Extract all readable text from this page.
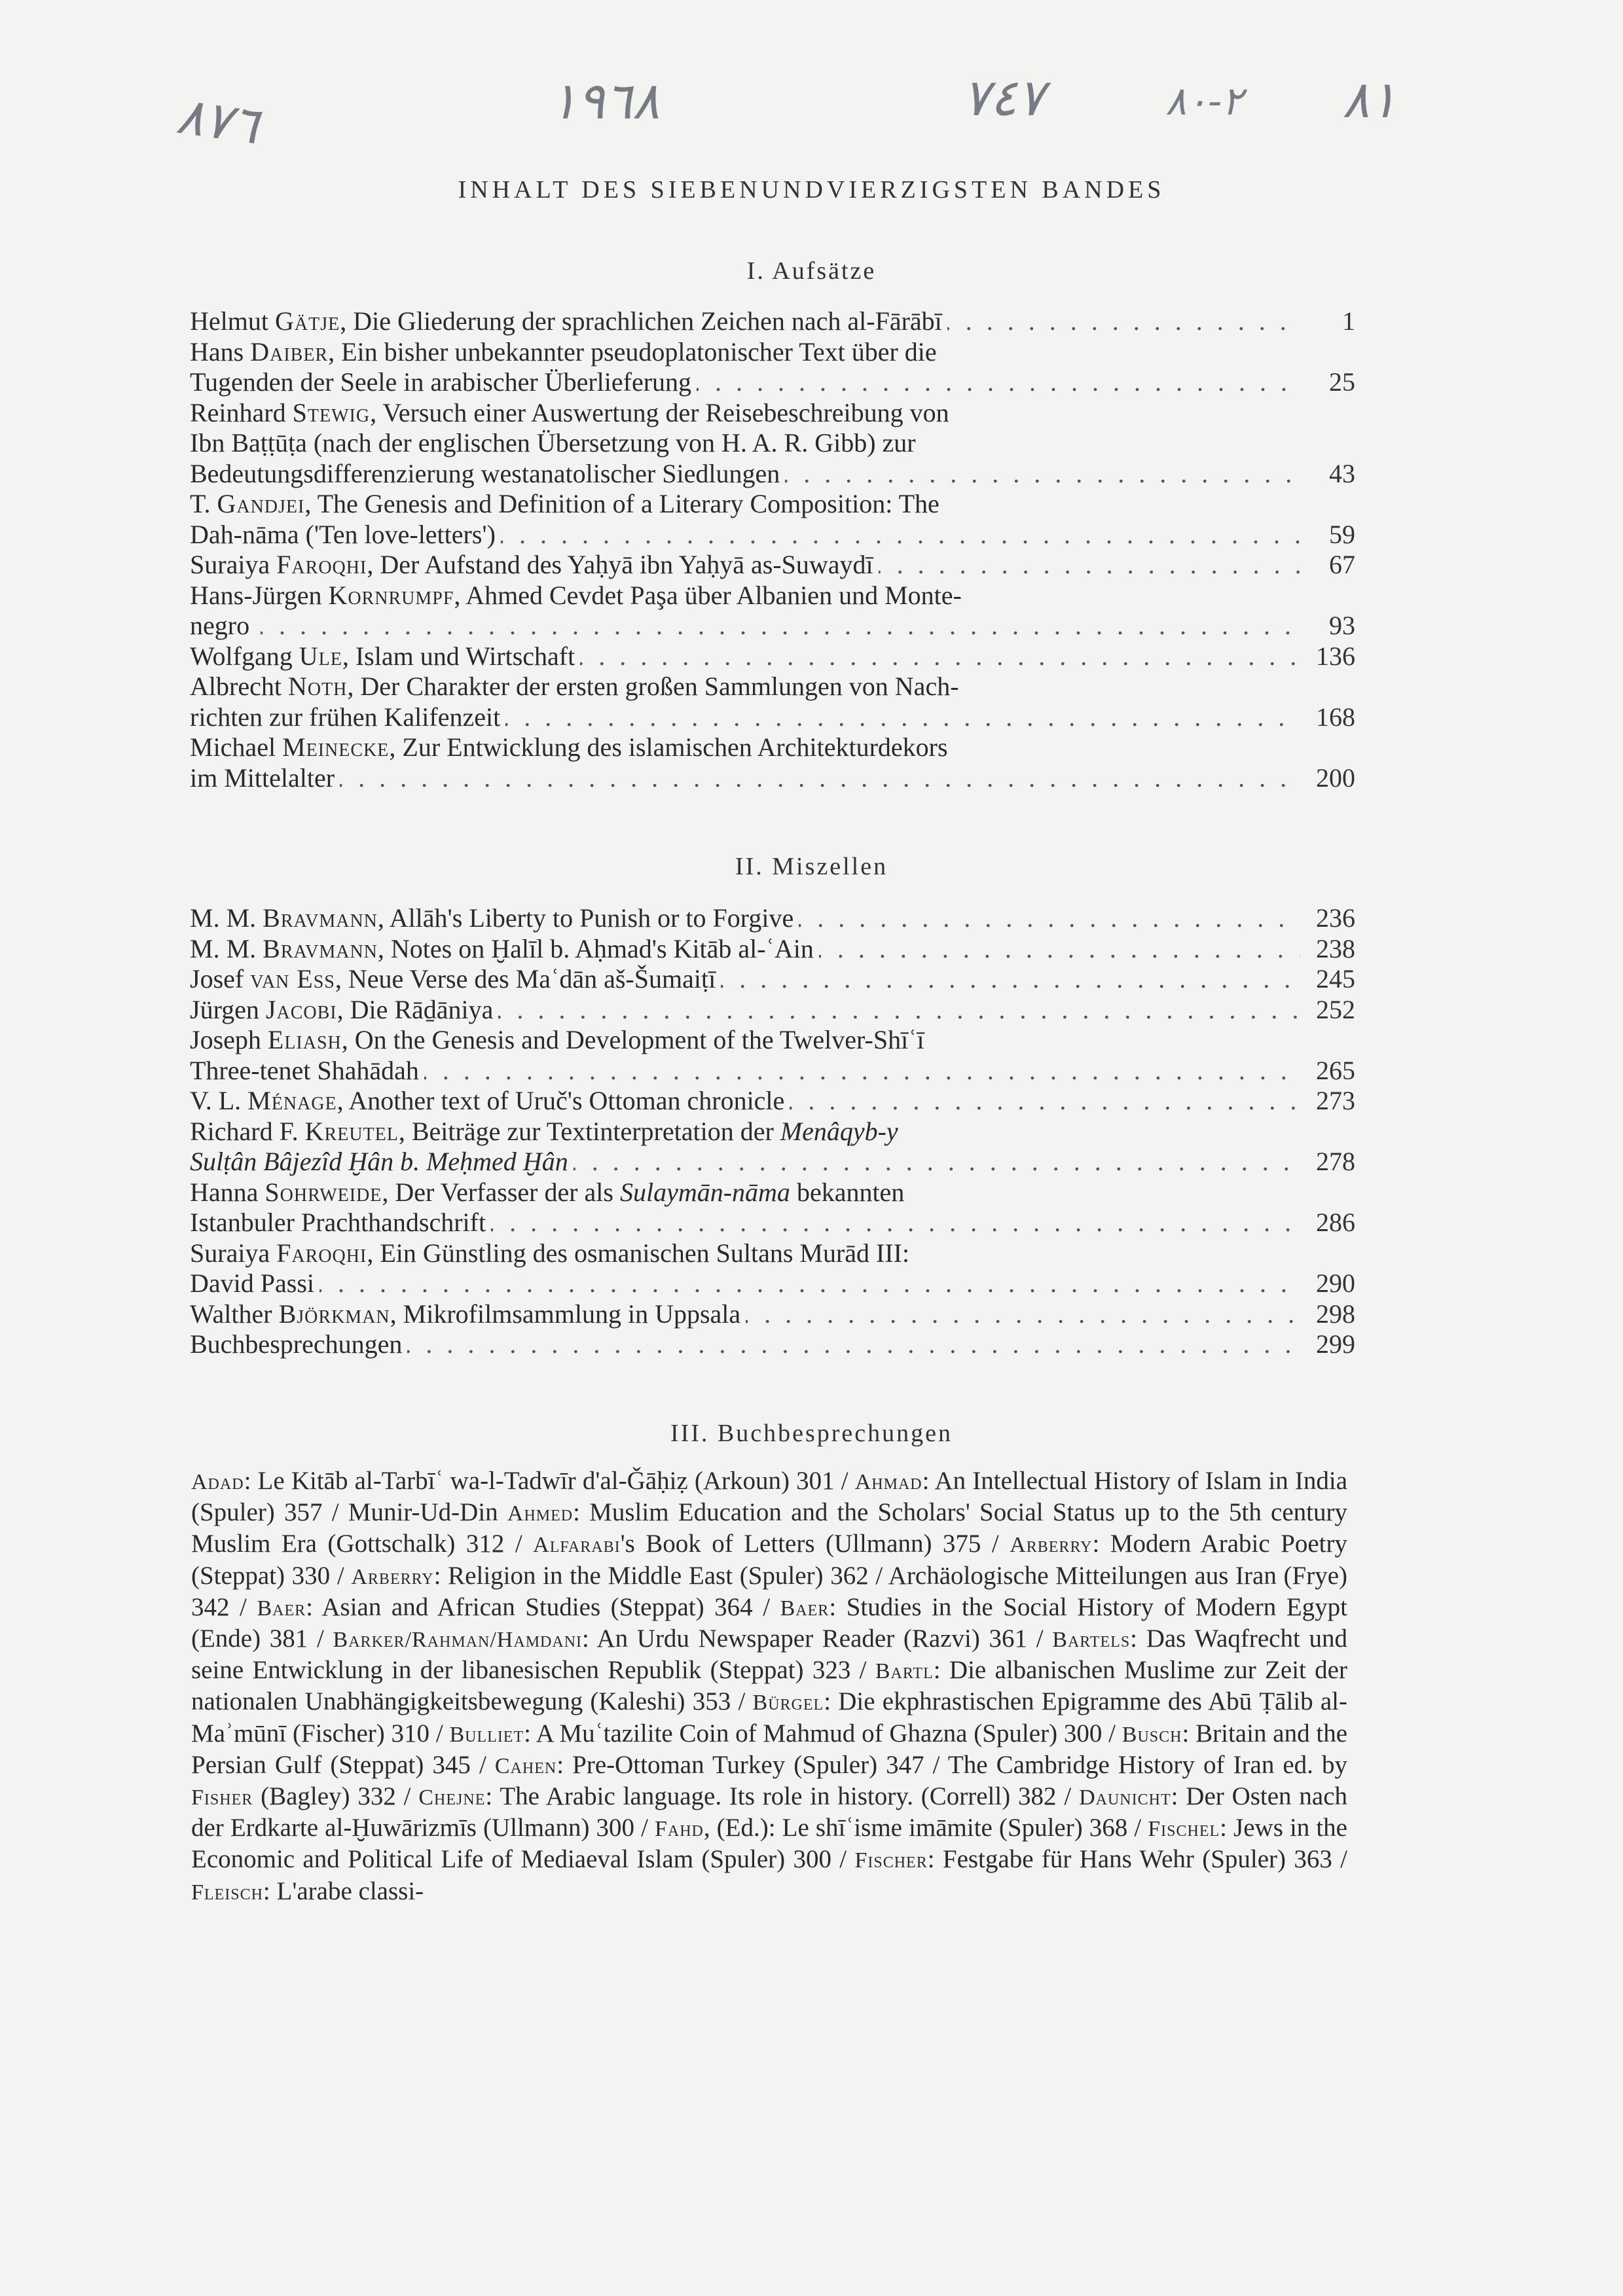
٨٧٦	١٩٦٨	٧٤٧	٢-٨٠ ٨١
INHALT DES SIEBENUNDVIERZIGSTEN BANDES
I. Aufsätze
Helmut Gätje, Die Gliederung der sprachlichen Zeichen nach al-Fārābī . . .	1
Hans Daiber, Ein bisher unbekannter pseudoplatonischer Text über die
Tugenden der Seele in arabischer Überlieferung . . .	25
Reinhard Stewig, Versuch einer Auswertung der Reisebeschreibung von
Ibn Baṭṭūṭa (nach der englischen Übersetzung von H. A. R. Gibb) zur
Bedeutungsdifferenzierung westanatolischer Siedlungen . . .	43
T. Gandjei, The Genesis and Definition of a Literary Composition: The
Dah-nāma ('Ten love-letters') . . .	59
Suraiya Faroqhi, Der Aufstand des Yaḥyā ibn Yaḥyā as-Suwaydī . . .	67
Hans-Jürgen Kornrumpf, Ahmed Cevdet Paşa über Albanien und Monte-
negro . . .	93
Wolfgang Ule, Islam und Wirtschaft . . .	136
Albrecht Noth, Der Charakter der ersten großen Sammlungen von Nach-
richten zur frühen Kalifenzeit . . .	168
Michael Meinecke, Zur Entwicklung des islamischen Architekturdekors
im Mittelalter . . .	200
II. Miszellen
M. M. Bravmann, Allāh's Liberty to Punish or to Forgive . . .	236
M. M. Bravmann, Notes on Ḫalīl b. Aḥmad's Kitāb al-ʿAin . . .	238
Josef van Ess, Neue Verse des Maʿdān aš-Šumaiṭī . . .	245
Jürgen Jacobi, Die Rāḏāniya . . .	252
Joseph Eliash, On the Genesis and Development of the Twelver-Shīʿī
Three-tenet Shahādah . . .	265
V. L. Ménage, Another text of Uruč's Ottoman chronicle . . .	273
Richard F. Kreutel, Beiträge zur Textinterpretation der Menâqyb-y
Sulṭân Bâjezîd Ḫân b. Meḥmed Ḫân . . .	278
Hanna Sohrweide, Der Verfasser der als Sulaymān-nāma bekannten
Istanbuler Prachthandschrift . . .	286
Suraiya Faroqhi, Ein Günstling des osmanischen Sultans Murād III:
David Passi . . .	290
Walther Björkman, Mikrofilmsammlung in Uppsala . . .	298
Buchbesprechungen . . .	299
III. Buchbesprechungen
Adad: Le Kitāb al-Tarbīʿ wa-l-Tadwīr d'al-Ǧāḥiẓ (Arkoun) 301 / Ahmad: An Intellectual History of Islam in India (Spuler) 357 / Munir-Ud-Din Ahmed: Muslim Education and the Scholars' Social Status up to the 5th century Muslim Era (Gottschalk) 312 / Alfarabi's Book of Letters (Ullmann) 375 / Arberry: Modern Arabic Poetry (Steppat) 330 / Arberry: Religion in the Middle East (Spuler) 362 / Archäologische Mitteilungen aus Iran (Frye) 342 / Baer: Asian and African Studies (Steppat) 364 / Baer: Studies in the Social History of Modern Egypt (Ende) 381 / Barker/Rahman/Hamdani: An Urdu Newspaper Reader (Razvi) 361 / Bartels: Das Waqfrecht und seine Entwicklung in der libanesischen Republik (Steppat) 323 / Bartl: Die albanischen Muslime zur Zeit der nationalen Unabhängigkeitsbewegung (Kaleshi) 353 / Bürgel: Die ekphrastischen Epigramme des Abū Ṭālib al-Maʾmūnī (Fischer) 310 / Bulliet: A Muʿtazilite Coin of Mahmud of Ghazna (Spuler) 300 / Busch: Britain and the Persian Gulf (Steppat) 345 / Cahen: Pre-Ottoman Turkey (Spuler) 347 / The Cambridge History of Iran ed. by Fisher (Bagley) 332 / Chejne: The Arabic language. Its role in history. (Correll) 382 / Daunicht: Der Osten nach der Erdkarte al-Ḫuwārizmīs (Ullmann) 300 / Fahd, (Ed.): Le shīʿisme imāmite (Spuler) 368 / Fischel: Jews in the Economic and Political Life of Mediaeval Islam (Spuler) 300 / Fischer: Festgabe für Hans Wehr (Spuler) 363 / Fleisch: L'arabe classi-
